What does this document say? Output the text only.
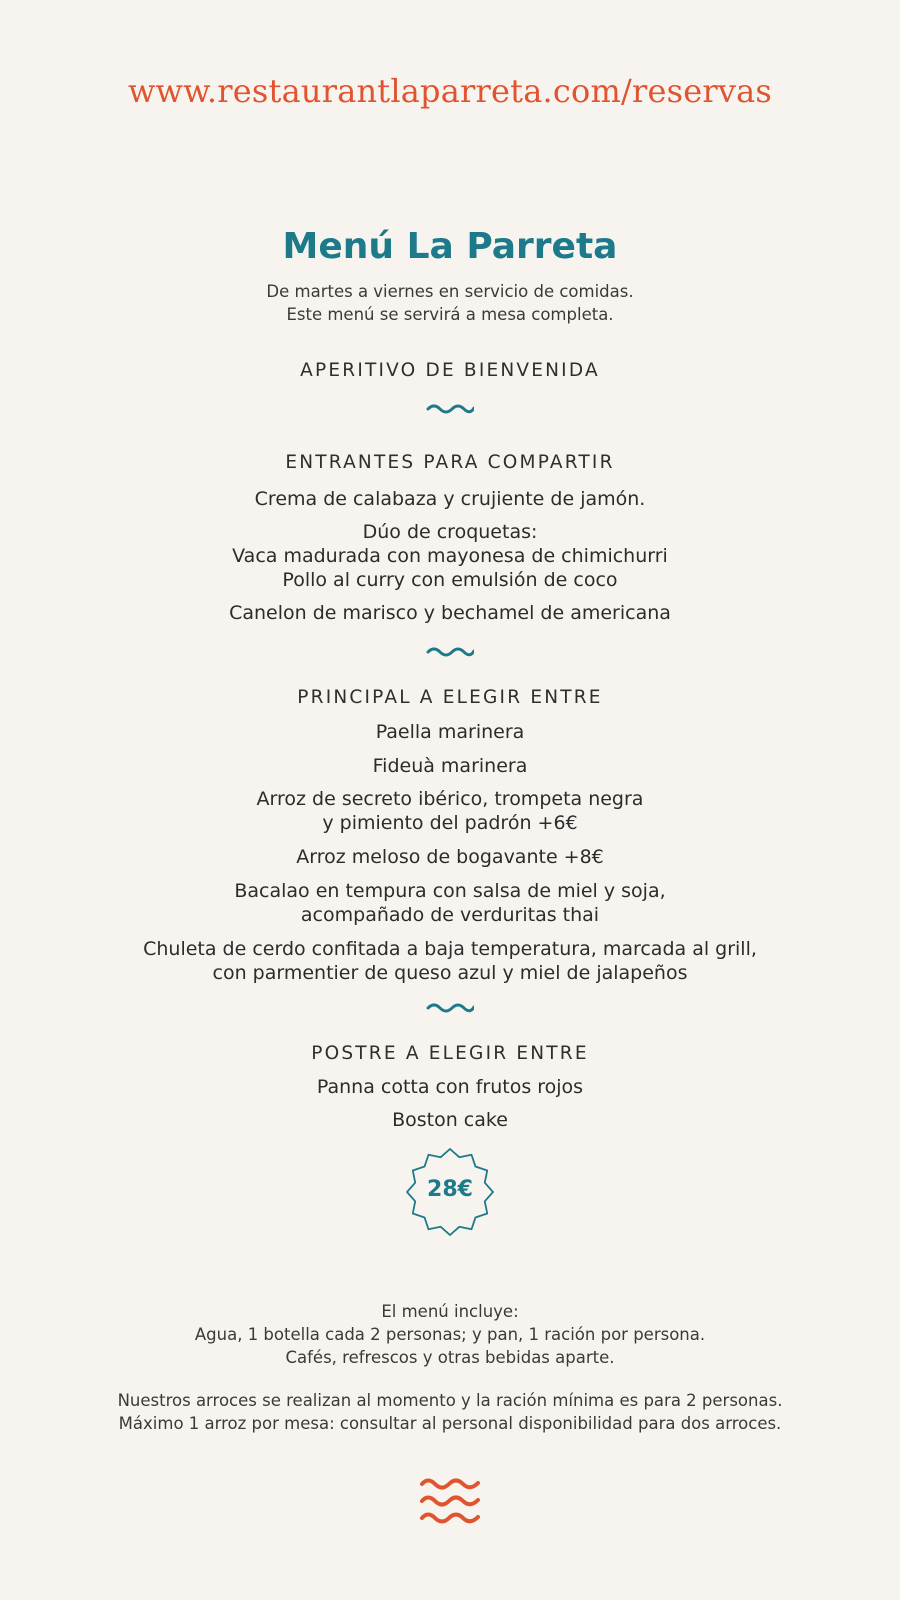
www.restaurantlaparreta.com/reservas
Menú La Parreta
De martes a viernes en servicio de comidas.
Este menú se servirá a mesa completa.
APERITIVO DE BIENVENIDA
ENTRANTES PARA COMPARTIR
Crema de calabaza y crujiente de jamón.
Dúo de croquetas:
Vaca madurada con mayonesa de chimichurri
Pollo al curry con emulsión de coco
Canelon de marisco y bechamel de americana
PRINCIPAL A ELEGIR ENTRE
Paella marinera
Fideuà marinera
Arroz de secreto ibérico, trompeta negra
y pimiento del padrón +6€
Arroz meloso de bogavante +8€
Bacalao en tempura con salsa de miel y soja,
acompañado de verduritas thai
Chuleta de cerdo confitada a baja temperatura, marcada al grill,
con parmentier de queso azul y miel de jalapeños
POSTRE A ELEGIR ENTRE
Panna cotta con frutos rojos
Boston cake
28€
El menú incluye:
Agua, 1 botella cada 2 personas; y pan, 1 ración por persona.
Cafés, refrescos y otras bebidas aparte.
Nuestros arroces se realizan al momento y la ración mínima es para 2 personas.
Máximo 1 arroz por mesa: consultar al personal disponibilidad para dos arroces.
